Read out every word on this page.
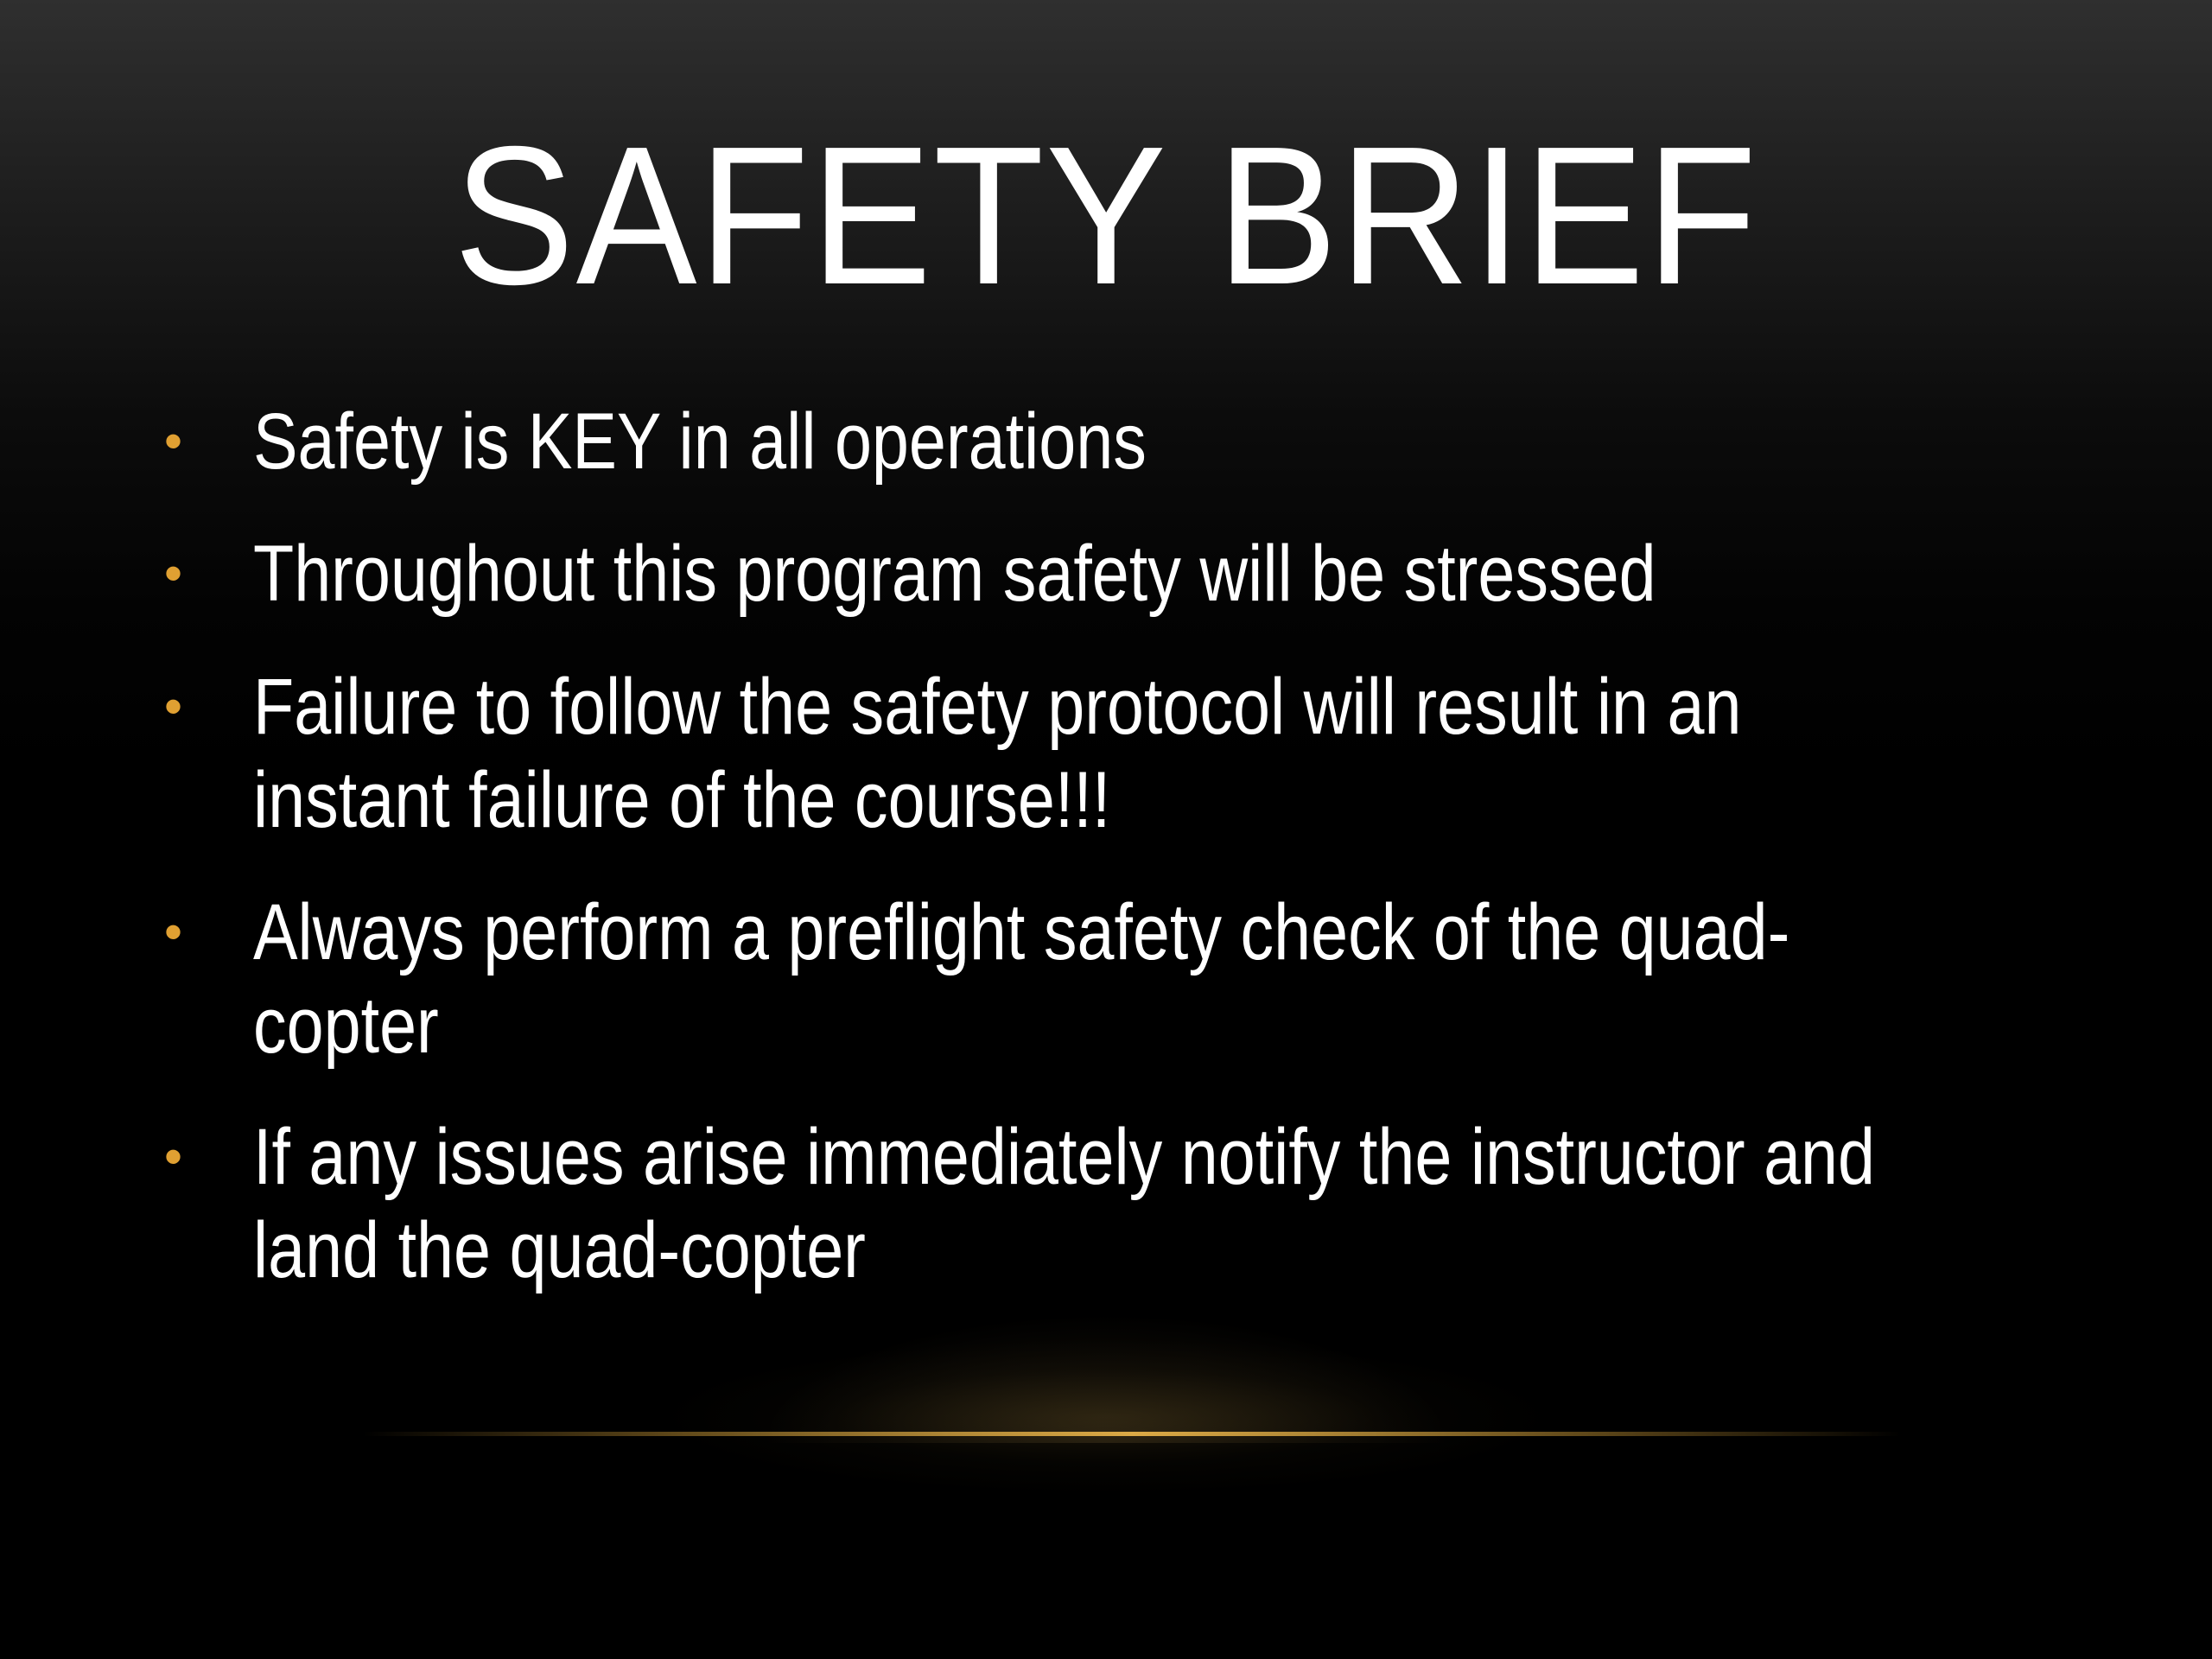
SAFETY BRIEF
• Safety is KEY in all operations
• Throughout this program safety will be stressed
• Failure to follow the safety protocol will result in an
instant failure of the course!!!
• Always perform a preflight safety check of the quad-
copter
• If any issues arise immediately notify the instructor and
land the quad-copter
